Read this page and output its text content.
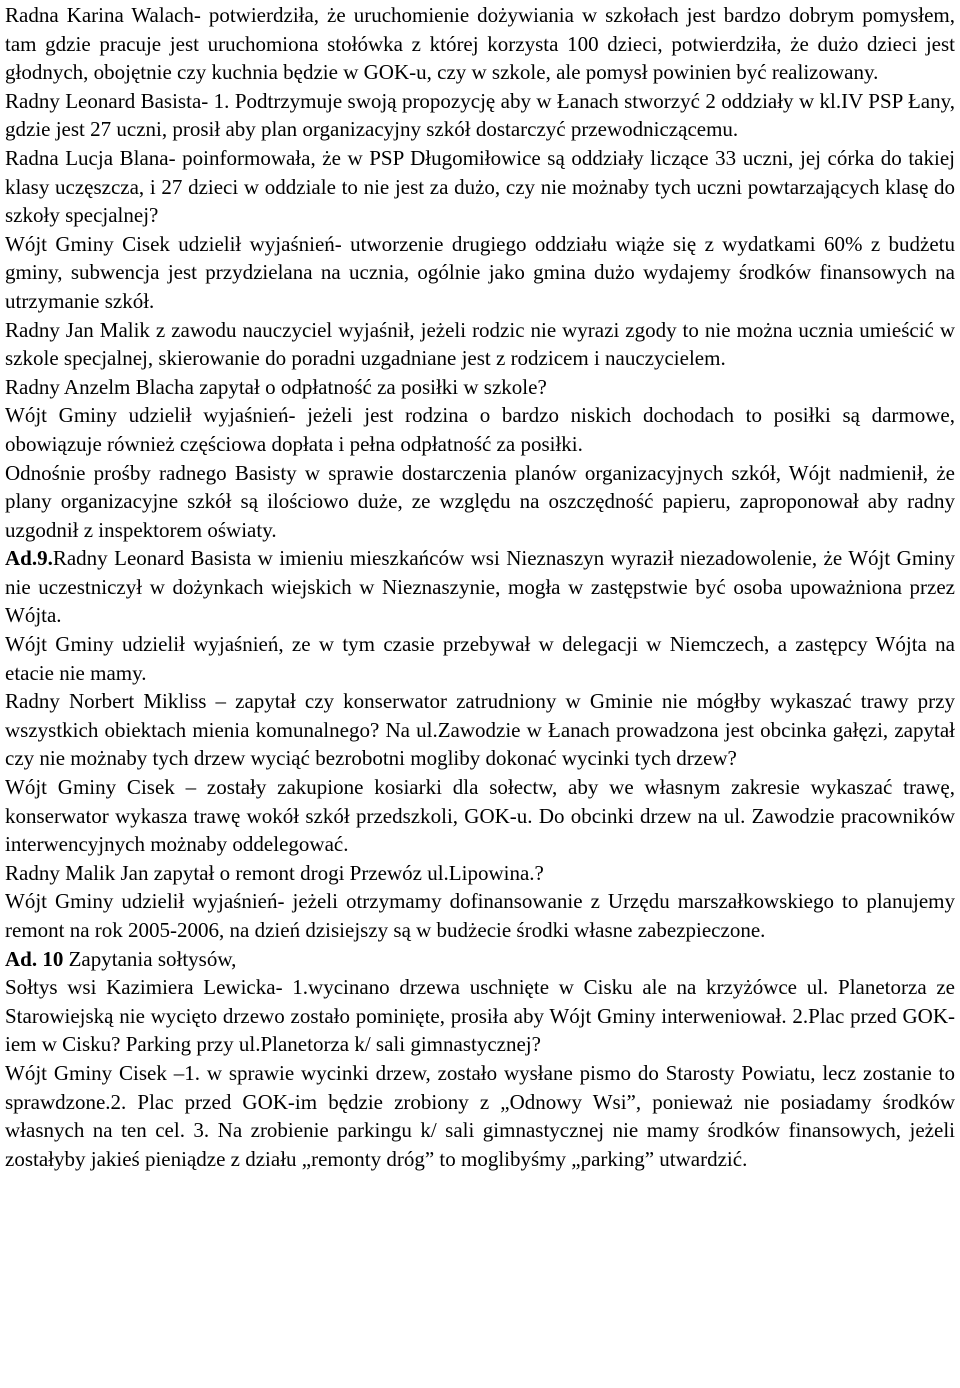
Radna Karina Walach- potwierdziła, że uruchomienie dożywiania w szkołach jest bardzo dobrym pomysłem, tam gdzie pracuje jest uruchomiona stołówka z której korzysta 100 dzieci, potwierdziła, że dużo dzieci jest głodnych, obojętnie czy kuchnia będzie w GOK-u, czy w szkole, ale pomysł powinien być realizowany.

Radny Leonard Basista- 1. Podtrzymuje swoją propozycję aby w Łanach stworzyć 2 oddziały w kl.IV PSP Łany, gdzie jest 27 uczni, prosił aby plan organizacyjny szkół dostarczyć przewodniczącemu.

Radna Lucja Blana- poinformowała, że w PSP Długomiłowice są oddziały liczące 33 uczni, jej córka do takiej klasy uczęszcza, i 27 dzieci w oddziale to nie jest za dużo, czy nie możnaby tych uczni powtarzających klasę do szkoły specjalnej?

Wójt Gminy Cisek udzielił wyjaśnień- utworzenie drugiego oddziału wiąże się z wydatkami 60% z budżetu gminy, subwencja jest przydzielana na ucznia, ogólnie jako gmina dużo wydajemy środków finansowych na utrzymanie szkół.

Radny Jan Malik z zawodu nauczyciel wyjaśnił, jeżeli rodzic nie wyrazi zgody to nie można ucznia umieścić w szkole specjalnej, skierowanie do poradni uzgadniane jest z rodzicem i nauczycielem.

Radny Anzelm Blacha zapytał o odpłatność za posiłki w szkole?

Wójt Gminy udzielił wyjaśnień- jeżeli jest rodzina o bardzo niskich dochodach to posiłki są darmowe, obowiązuje również częściowa dopłata i pełna odpłatność za posiłki.

Odnośnie prośby radnego Basisty w sprawie dostarczenia planów organizacyjnych szkół, Wójt nadmienił, że plany organizacyjne szkół są ilościowo duże, ze względu na oszczędność papieru, zaproponował aby radny uzgodnił z inspektorem oświaty.

Ad.9.Radny Leonard Basista w imieniu mieszkańców wsi Nieznaszyn wyraził niezadowolenie, że Wójt Gminy nie uczestniczył w dożynkach wiejskich w Nieznaszynie, mogła w zastępstwie być osoba upoważniona przez Wójta.

Wójt Gminy udzielił wyjaśnień, ze w tym czasie przebywał w delegacji w Niemczech, a zastępcy Wójta na etacie nie mamy.

Radny Norbert Mikliss – zapytał czy konserwator zatrudniony w Gminie nie mógłby wykaszać trawy przy wszystkich obiektach mienia komunalnego? Na ul.Zawodzie w Łanach prowadzona jest obcinka gałęzi, zapytał czy nie możnaby tych drzew wyciąć bezrobotni mogliby dokonać wycinki tych drzew?

Wójt Gminy Cisek – zostały zakupione kosiarki dla sołectw, aby we własnym zakresie wykaszać trawę, konserwator wykasza trawę wokół szkół przedszkoli, GOK-u. Do obcinki drzew na ul. Zawodzie pracowników interwencyjnych możnaby oddelegować.

Radny Malik Jan zapytał o remont drogi Przewóz ul.Lipowina.?

Wójt Gminy udzielił wyjaśnień- jeżeli otrzymamy dofinansowanie z Urzędu marszałkowskiego to planujemy remont na rok 2005-2006, na dzień dzisiejszy są w budżecie środki własne zabezpieczone.

Ad. 10 Zapytania sołtysów,

Sołtys wsi Kazimiera Lewicka- 1.wycinano drzewa uschnięte w Cisku ale na krzyżówce ul. Planetorza ze Starowiejską nie wycięto drzewo zostało pominięte, prosiła aby Wójt Gminy interweniował. 2.Plac przed GOK-iem w Cisku? Parking przy ul.Planetorza k/ sali gimnastycznej?

Wójt Gminy Cisek –1. w sprawie wycinki drzew, zostało wysłane pismo do Starosty Powiatu, lecz zostanie to sprawdzone.2. Plac przed GOK-im będzie zrobiony z „Odnowy Wsi”, ponieważ nie posiadamy środków własnych na ten cel. 3. Na zrobienie parkingu k/ sali gimnastycznej nie mamy środków finansowych, jeżeli zostałyby jakieś pieniądze z działu „remonty dróg” to moglibyśmy „parking” utwardzić.
